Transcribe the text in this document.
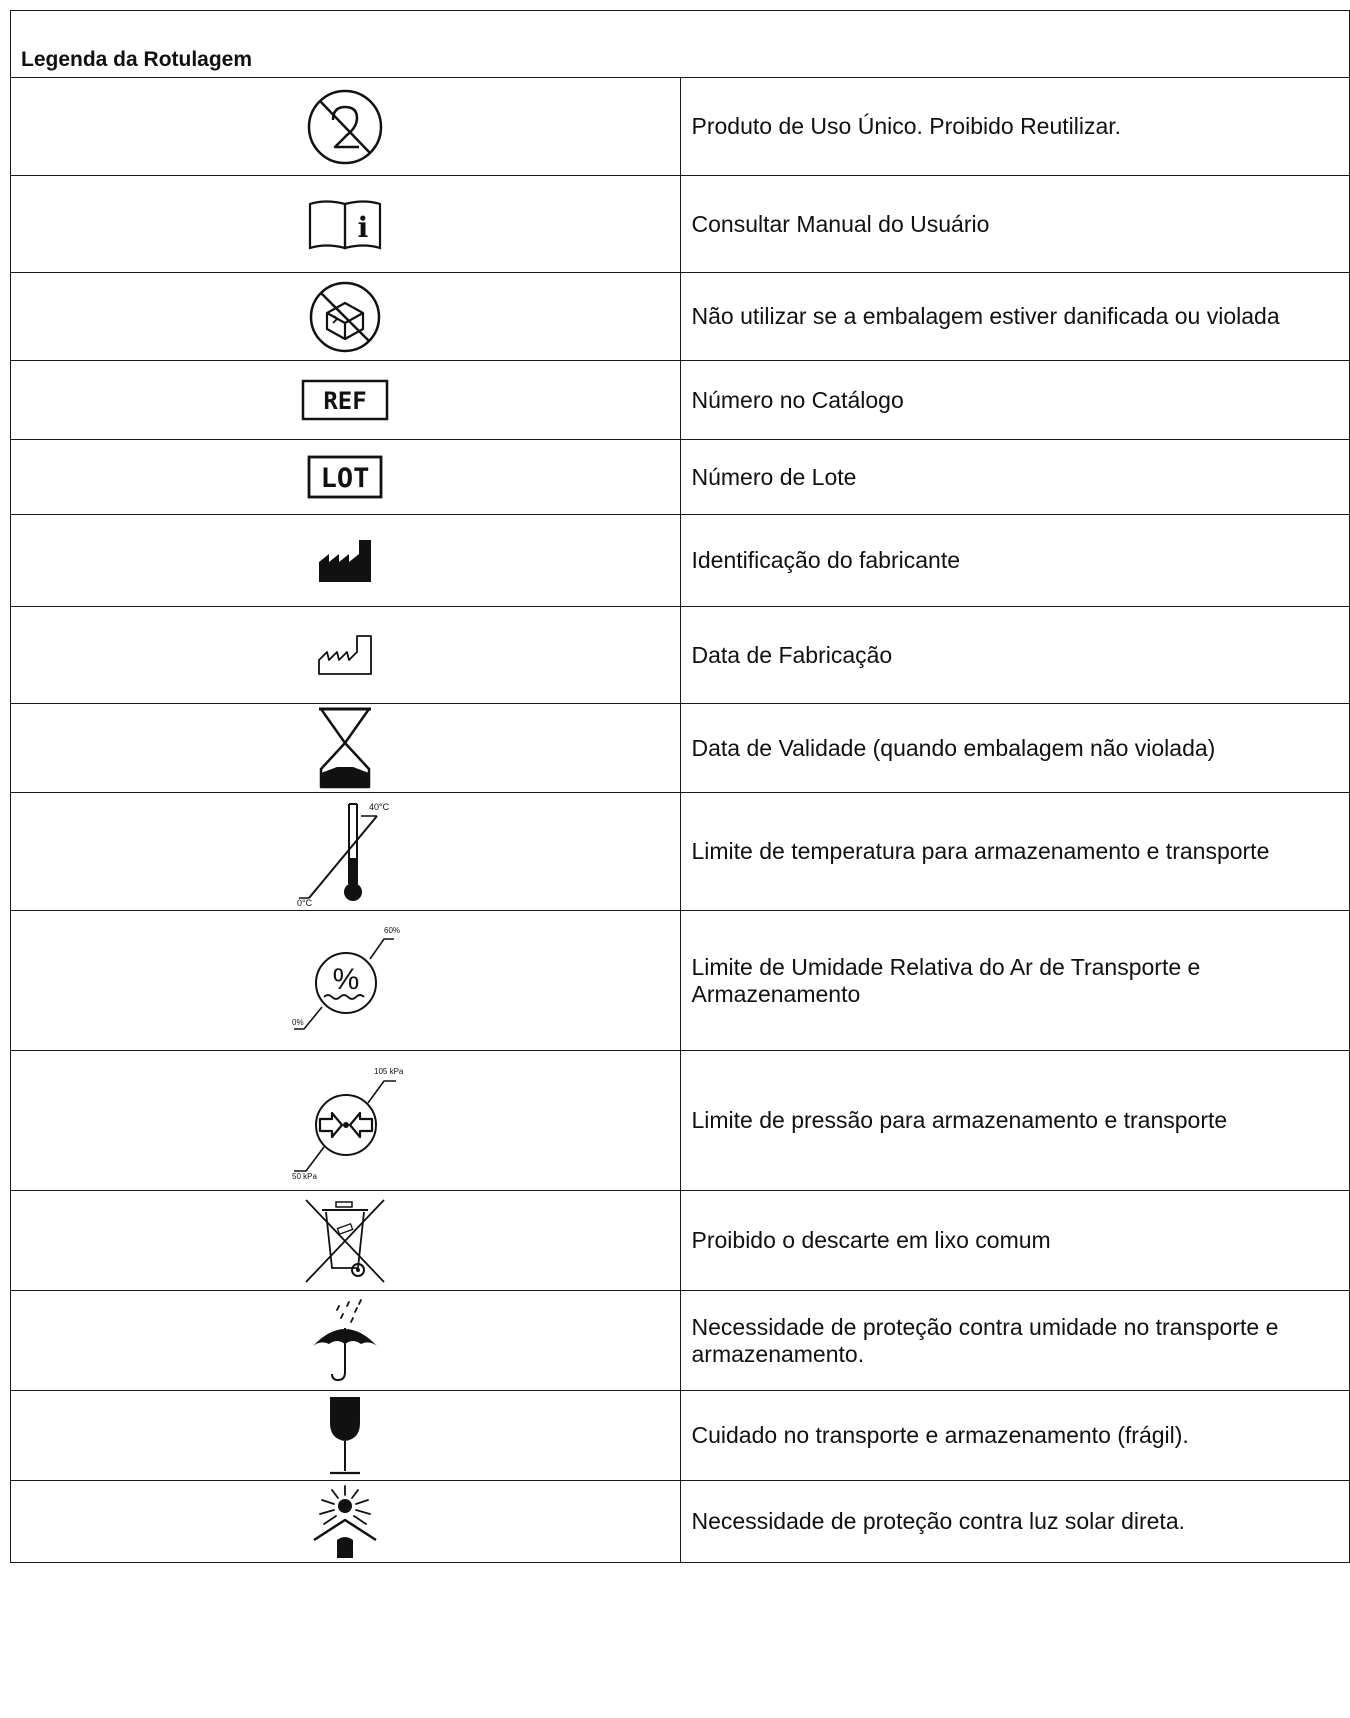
Legenda da Rotulagem	

	Produto de Uso Único. Proibido Reutilizar.

i	Consultar Manual do Usuário
	Não utilizar se a embalagem estiver danificada ou violada

REF	Número no Catálogo

LOT	Número de Lote
	Identificação do fabricante
	Data de Fabricação
	Data de Validade (quando embalagem não violada)

40°C
0°C	Limite de temperatura para armazenamento e transporte

%
60%
0%	Limite de Umidade Relativa do Ar de Transporte e Armazenamento

105 kPa
50 kPa	Limite de pressão para armazenamento e transporte
	Proibido o descarte em lixo comum
	Necessidade de proteção contra umidade no transporte e armazenamento.
	Cuidado no transporte e armazenamento (frágil).
	Necessidade de proteção contra luz solar direta.
